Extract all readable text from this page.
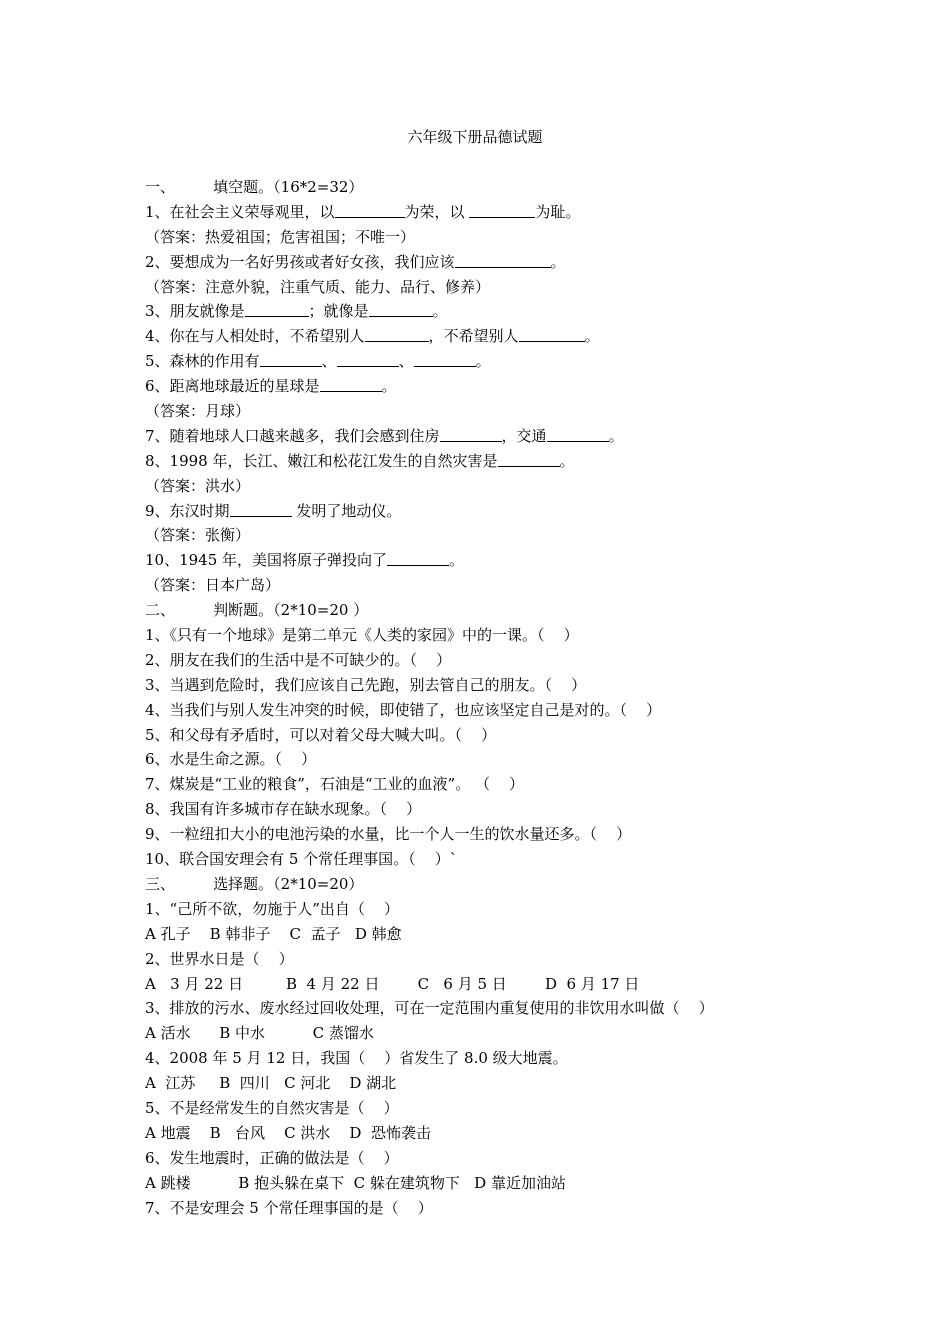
六年级下册品德试题
一、        填空题。（16*2=32）
1、在社会主义荣辱观里，以	为荣，以	为耻。
（答案：热爱祖国；危害祖国；不唯一）
2、要想成为一名好男孩或者好女孩，我们应该	。
（答案：注意外貌，注重气质、能力、品行、修养）
3、朋友就像是	；就像是	。
4、你在与人相处时，不希望别人	，不希望别人	。
5、森林的作用有	、	、	。
6、距离地球最近的星球是	。
（答案：月球）
7、随着地球人口越来越多，我们会感到住房	，交通	。
8、1998 年，长江、嫩江和松花江发生的自然灾害是	。
（答案：洪水）
9、东汉时期	发明了地动仪。
（答案：张衡）
10、1945 年，美国将原子弹投向了	。
（答案：日本广岛）
二、        判断题。（2*10=20 ）
1、《只有一个地球》是第二单元《人类的家园》中的一课。（    ）
2、朋友在我们的生活中是不可缺少的。（    ）
3、当遇到危险时，我们应该自己先跑，别去管自己的朋友。（    ）
4、当我们与别人发生冲突的时候，即使错了，也应该坚定自己是对的。（    ）
5、和父母有矛盾时，可以对着父母大喊大叫。（    ）
6、水是生命之源。（    ）
7、煤炭是“工业的粮食”，石油是“工业的血液”。 （    ）
8、我国有许多城市存在缺水现象。（    ）
9、一粒纽扣大小的电池污染的水量，比一个人一生的饮水量还多。（    ）
10、联合国安理会有 5 个常任理事国。（    ）`
三、        选择题。（2*10=20）
1、“己所不欲，勿施于人”出自（    ）
A 孔子    B 韩非子    C  孟子   D 韩愈
2、世界水日是（    ）
A   3 月 22 日         B  4 月 22 日        C   6 月 5 日        D  6 月 17 日
3、排放的污水、废水经过回收处理，可在一定范围内重复使用的非饮用水叫做（    ）
A 活水      B 中水          C 蒸馏水
4、2008 年 5 月 12 日，我国（    ）省发生了 8.0 级大地震。
A  江苏     B  四川   C 河北    D 湖北
5、不是经常发生的自然灾害是（    ）
A 地震    B   台风    C 洪水    D  恐怖袭击
6、发生地震时，正确的做法是（    ）
A 跳楼          B 抱头躲在桌下  C 躲在建筑物下   D 靠近加油站
7、不是安理会 5 个常任理事国的是（    ）
